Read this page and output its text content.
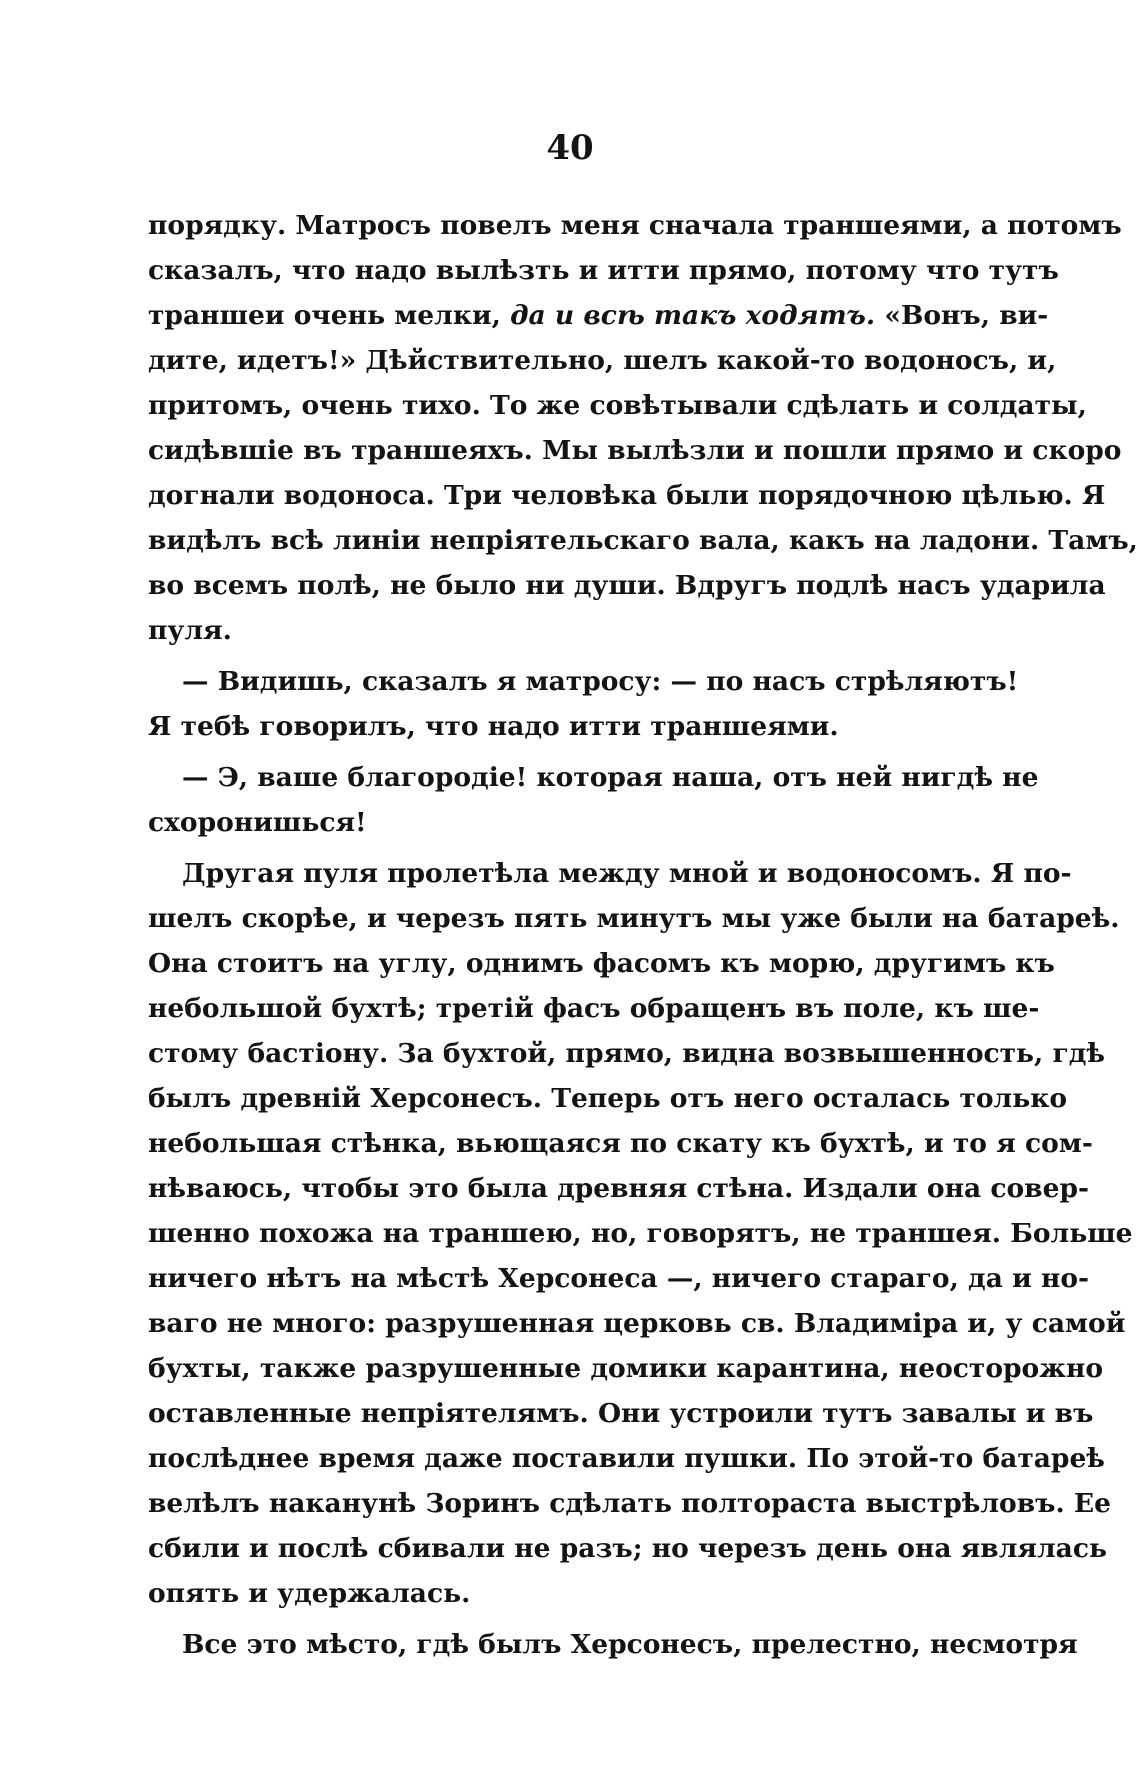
40
порядку. Матросъ повелъ меня сначала траншеями, а потомъ
сказалъ, что надо вылѣзть и итти прямо, потому что тутъ
траншеи очень мелки, да и всѣ такъ ходятъ. «Вонъ, ви-
дите, идетъ!» Дѣйствительно, шелъ какой-то водоносъ, и,
притомъ, очень тихо. То же совѣтывали сдѣлать и солдаты,
сидѣвшіе въ траншеяхъ. Мы вылѣзли и пошли прямо и скоро
догнали водоноса. Три человѣка были порядочною цѣлью. Я
видѣлъ всѣ линіи непріятельскаго вала, какъ на ладони. Тамъ,
во всемъ полѣ, не было ни души. Вдругъ подлѣ насъ ударила
пуля.
— Видишь, сказалъ я матросу: — по насъ стрѣляютъ!
Я тебѣ говорилъ, что надо итти траншеями.
— Э, ваше благородіе! которая наша, отъ ней нигдѣ не
схоронишься!
Другая пуля пролетѣла между мной и водоносомъ. Я по-
шелъ скорѣе, и черезъ пять минутъ мы уже были на батареѣ.
Она стоитъ на углу, однимъ фасомъ къ морю, другимъ къ
небольшой бухтѣ; третій фасъ обращенъ въ поле, къ ше-
стому бастіону. За бухтой, прямо, видна возвышенность, гдѣ
былъ древній Херсонесъ. Теперь отъ него осталась только
небольшая стѣнка, вьющаяся по скату къ бухтѣ, и то я сом-
нѣваюсь, чтобы это была древняя стѣна. Издали она совер-
шенно похожа на траншею, но, говорятъ, не траншея. Больше
ничего нѣтъ на мѣстѣ Херсонеса —, ничего стараго, да и но-
ваго не много: разрушенная церковь св. Владиміра и, у самой
бухты, также разрушенные домики карантина, неосторожно
оставленные непріятелямъ. Они устроили тутъ завалы и въ
послѣднее время даже поставили пушки. По этой-то батареѣ
велѣлъ наканунѣ Зоринъ сдѣлать полтораста выстрѣловъ. Ее
сбили и послѣ сбивали не разъ; но черезъ день она являлась
опять и удержалась.
Все это мѣсто, гдѣ былъ Херсонесъ, прелестно, несмотря
